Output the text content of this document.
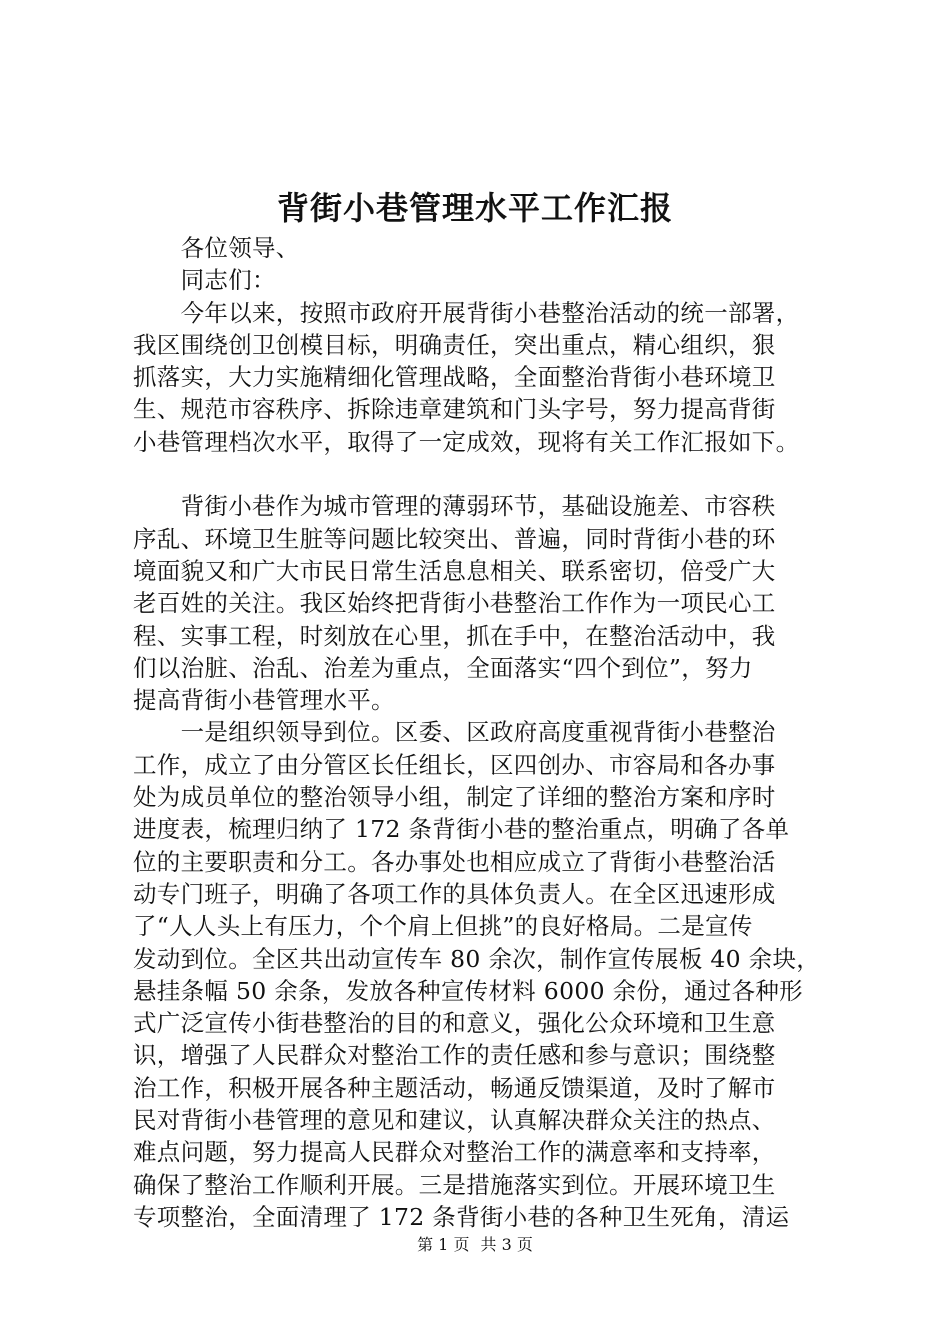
背街小巷管理水平工作汇报
　　各位领导、
　　同志们：
　　今年以来，按照市政府开展背街小巷整治活动的统一部署，
我区围绕创卫创模目标，明确责任，突出重点，精心组织，狠
抓落实，大力实施精细化管理战略，全面整治背街小巷环境卫
生、规范市容秩序、拆除违章建筑和门头字号，努力提高背街
小巷管理档次水平，取得了一定成效，现将有关工作汇报如下。
　　背街小巷作为城市管理的薄弱环节，基础设施差、市容秩
序乱、环境卫生脏等问题比较突出、普遍，同时背街小巷的环
境面貌又和广大市民日常生活息息相关、联系密切，倍受广大
老百姓的关注。我区始终把背街小巷整治工作作为一项民心工
程、实事工程，时刻放在心里，抓在手中，在整治活动中，我
们以治脏、治乱、治差为重点，全面落实“四个到位”，努力
提高背街小巷管理水平。
　　一是组织领导到位。区委、区政府高度重视背街小巷整治
工作，成立了由分管区长任组长，区四创办、市容局和各办事
处为成员单位的整治领导小组，制定了详细的整治方案和序时
进度表，梳理归纳了 172 条背街小巷的整治重点，明确了各单
位的主要职责和分工。各办事处也相应成立了背街小巷整治活
动专门班子，明确了各项工作的具体负责人。在全区迅速形成
了“人人头上有压力，个个肩上但挑”的良好格局。二是宣传
发动到位。全区共出动宣传车 80 余次，制作宣传展板 40 余块，
悬挂条幅 50 余条，发放各种宣传材料 6000 余份，通过各种形
式广泛宣传小街巷整治的目的和意义，强化公众环境和卫生意
识，增强了人民群众对整治工作的责任感和参与意识；围绕整
治工作，积极开展各种主题活动，畅通反馈渠道，及时了解市
民对背街小巷管理的意见和建议，认真解决群众关注的热点、
难点问题，努力提高人民群众对整治工作的满意率和支持率，
确保了整治工作顺利开展。三是措施落实到位。开展环境卫生
专项整治，全面清理了 172 条背街小巷的各种卫生死角，清运
第 1 页 共 3 页
